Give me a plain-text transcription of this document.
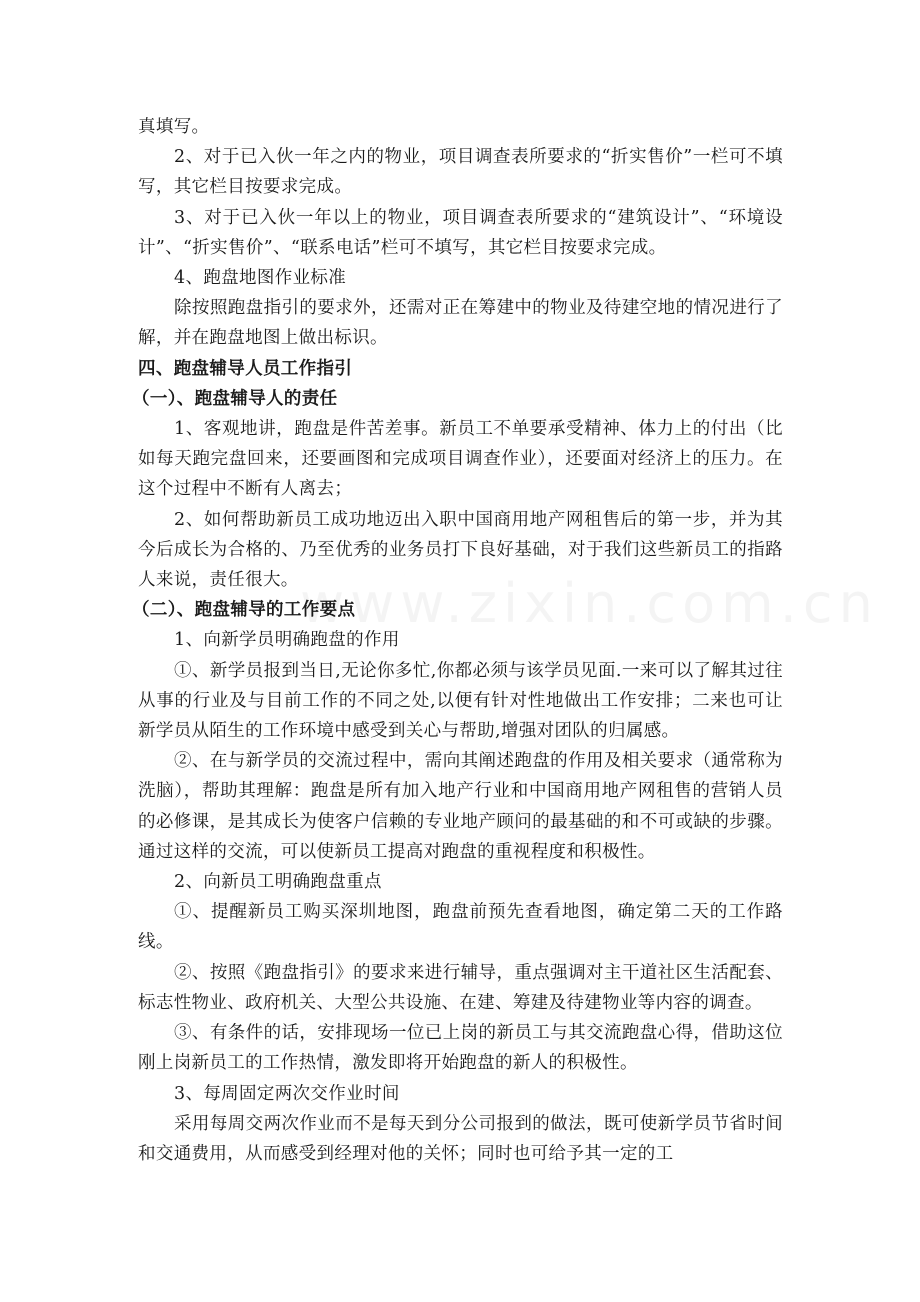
真填写。

2、对于已入伙一年之内的物业，项目调查表所要求的“折实售价”一栏可不填写，其它栏目按要求完成。

3、对于已入伙一年以上的物业，项目调查表所要求的“建筑设计”、“环境设计”、“折实售价”、“联系电话”栏可不填写，其它栏目按要求完成。

4、跑盘地图作业标准

除按照跑盘指引的要求外，还需对正在筹建中的物业及待建空地的情况进行了解，并在跑盘地图上做出标识。

四、跑盘辅导人员工作指引

（一）、跑盘辅导人的责任

1、客观地讲，跑盘是件苦差事。新员工不单要承受精神、体力上的付出（比如每天跑完盘回来，还要画图和完成项目调查作业），还要面对经济上的压力。在这个过程中不断有人离去；

2、如何帮助新员工成功地迈出入职中国商用地产网租售后的第一步，并为其今后成长为合格的、乃至优秀的业务员打下良好基础，对于我们这些新员工的指路人来说，责任很大。

（二）、跑盘辅导的工作要点

1、向新学员明确跑盘的作用

①、新学员报到当日,无论你多忙,你都必须与该学员见面.一来可以了解其过往从事的行业及与目前工作的不同之处,以便有针对性地做出工作安排；二来也可让新学员从陌生的工作环境中感受到关心与帮助,增强对团队的归属感。

②、在与新学员的交流过程中，需向其阐述跑盘的作用及相关要求（通常称为洗脑），帮助其理解：跑盘是所有加入地产行业和中国商用地产网租售的营销人员的必修课，是其成长为使客户信赖的专业地产顾问的最基础的和不可或缺的步骤。通过这样的交流，可以使新员工提高对跑盘的重视程度和积极性。

2、向新员工明确跑盘重点

①、提醒新员工购买深圳地图，跑盘前预先查看地图，确定第二天的工作路线。

②、按照《跑盘指引》的要求来进行辅导，重点强调对主干道社区生活配套、标志性物业、政府机关、大型公共设施、在建、筹建及待建物业等内容的调查。

③、有条件的话，安排现场一位已上岗的新员工与其交流跑盘心得，借助这位刚上岗新员工的工作热情，激发即将开始跑盘的新人的积极性。

3、每周固定两次交作业时间

采用每周交两次作业而不是每天到分公司报到的做法，既可使新学员节省时间和交通费用，从而感受到经理对他的关怀；同时也可给予其一定的工
